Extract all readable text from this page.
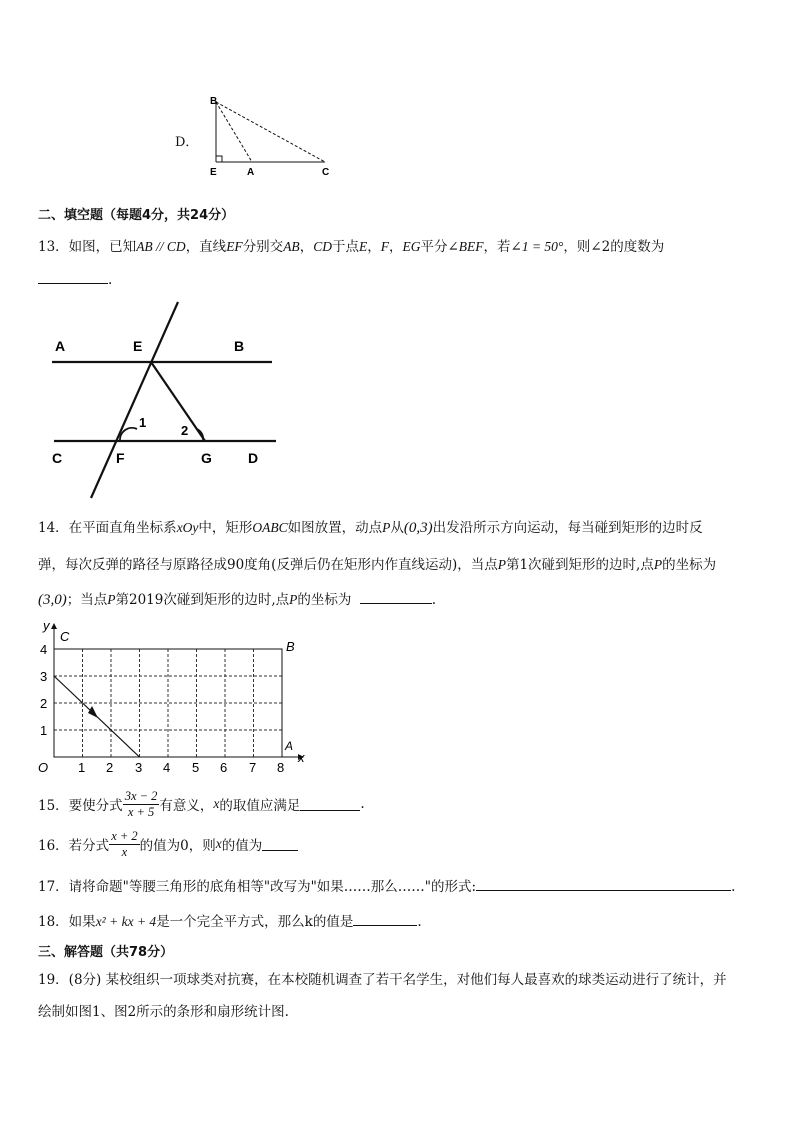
D．
B
E	A	C
二、填空题（每题4分，共24分）
13．如图，已知AB // CD，直线EF分别交AB，CD于点E，F，EG平分∠BEF，若∠1 = 50°，则∠2的度数为
.
A	E	B
C	F	G	D
1
2
14．在平面直角坐标系xOy中，矩形OABC如图放置，动点P从(0,3)出发沿所示方向运动，每当碰到矩形的边时反
弹，每次反弹的路径与原路径成90度角(反弹后仍在矩形内作直线运动)，当点P第1次碰到矩形的边时,点P的坐标为
(3,0)；当点P第2019次碰到矩形的边时,点P的坐标为	.
y
C
B
A
x
O
4
3
2
1
1 2 3 4 5 6 7 8
15．要使分式 $\frac{3x - 2}{x + 5}$ 有意义， x 的取值应满足	.
16．若分式 $\frac{x + 2}{x}$ 的值为0，则 x 的值为
17．请将命题"等腰三角形的底角相等"改写为"如果……那么……"的形式:	.
18．如果x² + kx + 4是一个完全平方式，那么k的值是	.
三、解答题（共78分）
19．(8分) 某校组织一项球类对抗赛，在本校随机调查了若干名学生，对他们每人最喜欢的球类运动进行了统计，并
绘制如图1、图2所示的条形和扇形统计图.
